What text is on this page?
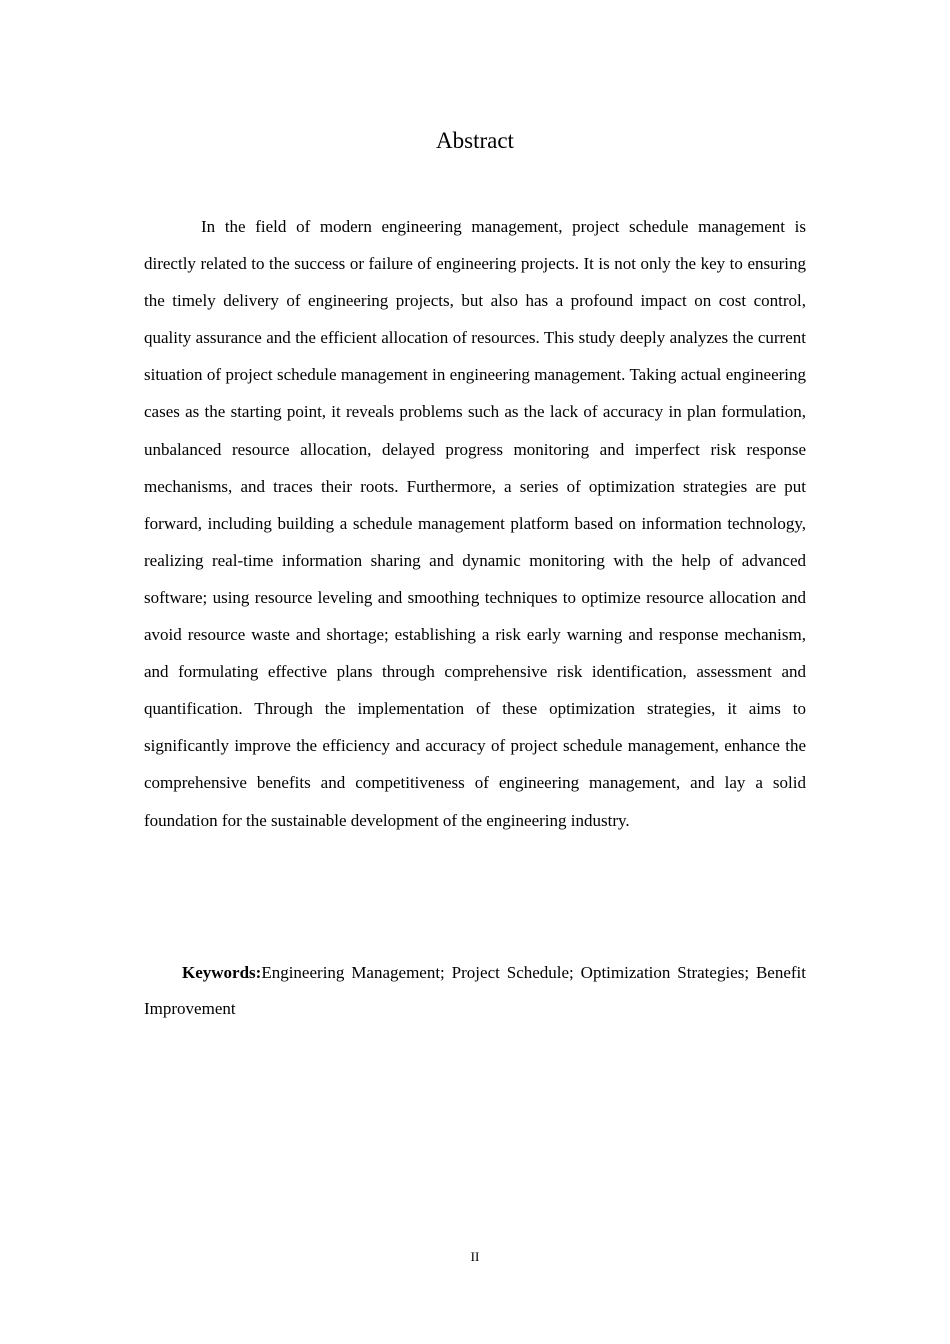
Abstract

In the field of modern engineering management, project schedule management is directly related to the success or failure of engineering projects. It is not only the key to ensuring the timely delivery of engineering projects, but also has a profound impact on cost control, quality assurance and the efficient allocation of resources. This study deeply analyzes the current situation of project schedule management in engineering management. Taking actual engineering cases as the starting point, it reveals problems such as the lack of accuracy in plan formulation, unbalanced resource allocation, delayed progress monitoring and imperfect risk response mechanisms, and traces their roots. Furthermore, a series of optimization strategies are put forward, including building a schedule management platform based on information technology, realizing real-time information sharing and dynamic monitoring with the help of advanced software; using resource leveling and smoothing techniques to optimize resource allocation and avoid resource waste and shortage; establishing a risk early warning and response mechanism, and formulating effective plans through comprehensive risk identification, assessment and quantification. Through the implementation of these optimization strategies, it aims to significantly improve the efficiency and accuracy of project schedule management, enhance the comprehensive benefits and competitiveness of engineering management, and lay a solid foundation for the sustainable development of the engineering industry.

Keywords:Engineering Management; Project Schedule; Optimization Strategies; Benefit Improvement

II
